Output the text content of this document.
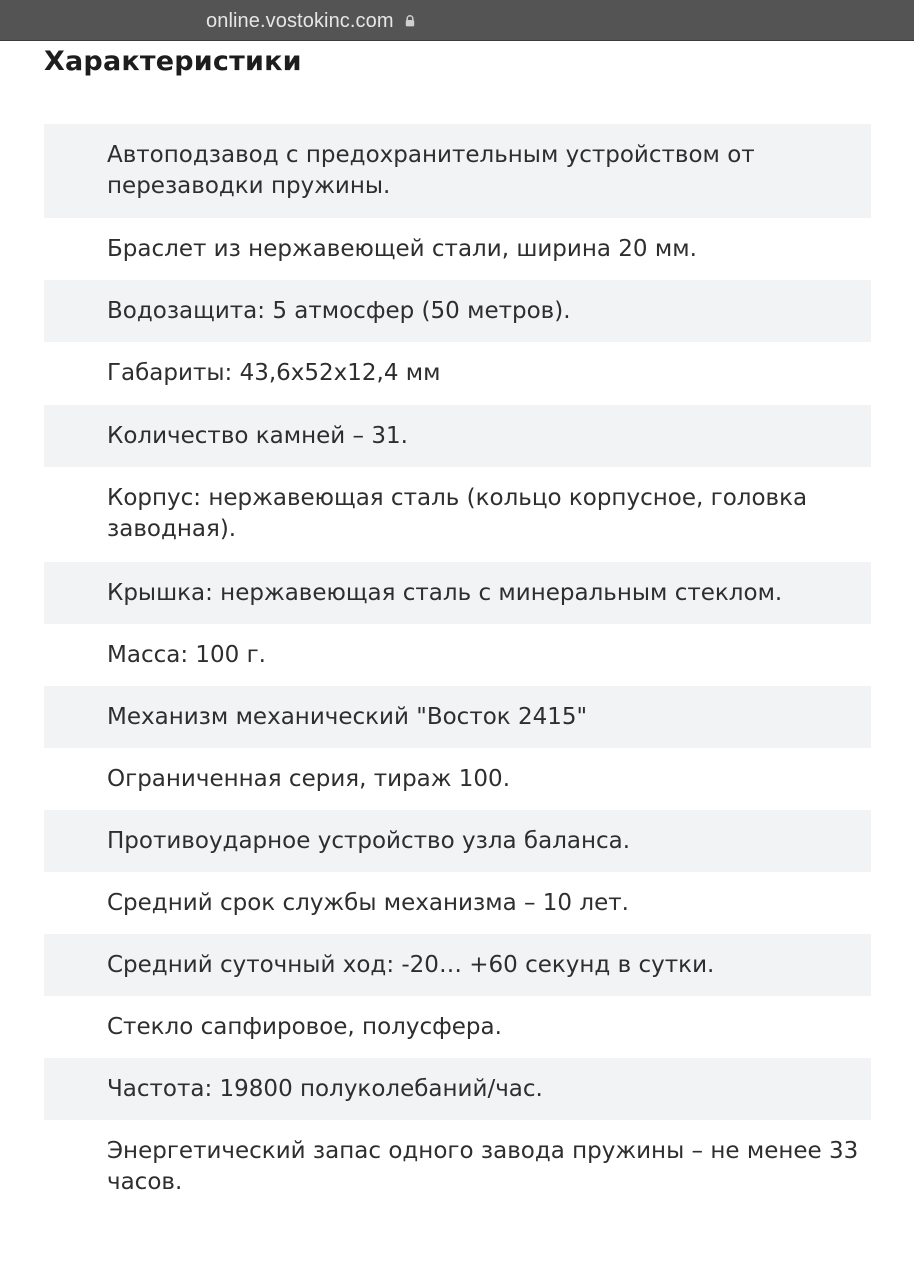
online.vostokinc.com
Характеристики
Автоподзавод с предохранительным устройством от перезаводки пружины.
Браслет из нержавеющей стали, ширина 20 мм.
Водозащита: 5 атмосфер (50 метров).
Габариты: 43,6х52х12,4 мм
Количество камней – 31.
Корпус: нержавеющая сталь (кольцо корпусное, головка заводная).
Крышка: нержавеющая сталь с минеральным стеклом.
Масса: 100 г.
Механизм механический "Восток 2415"
Ограниченная серия, тираж 100.
Противоударное устройство узла баланса.
Средний срок службы механизма – 10 лет.
Средний суточный ход: -20… +60 секунд в сутки.
Стекло сапфировое, полусфера.
Частота: 19800 полуколебаний/час.
Энергетический запас одного завода пружины – не менее 33 часов.
